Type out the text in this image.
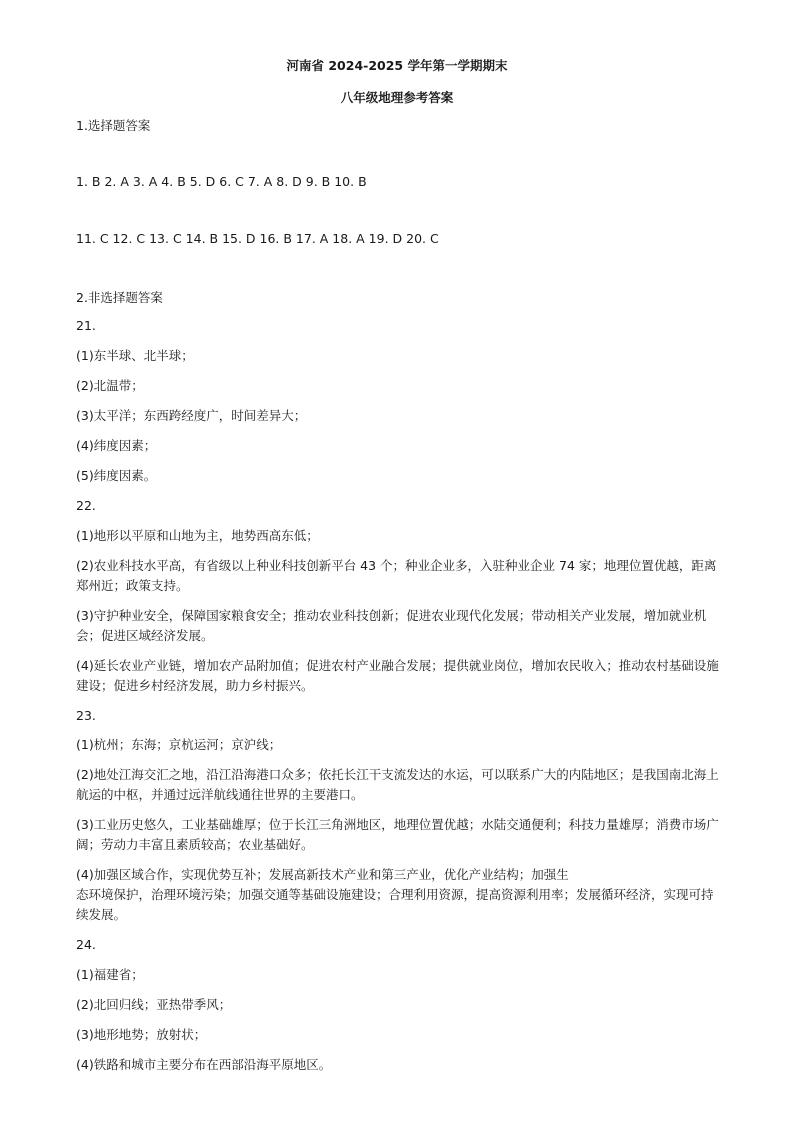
河南省 2024-2025 学年第一学期期末

八年级地理参考答案

1.选择题答案

1. B 2. A 3. A 4. B 5. D 6. C 7. A 8. D 9. B 10. B

11. C 12. C 13. C 14. B 15. D 16. B 17. A 18. A 19. D 20. C

2.非选择题答案

21.

(1)东半球、北半球；

(2)北温带；

(3)太平洋；东西跨经度广，时间差异大；

(4)纬度因素；

(5)纬度因素。

22.

(1)地形以平原和山地为主，地势西高东低；

(2)农业科技水平高，有省级以上种业科技创新平台 43 个；种业企业多，入驻种业企业 74 家；地理位置优越，距离郑州近；政策支持。

(3)守护种业安全，保障国家粮食安全；推动农业科技创新；促进农业现代化发展；带动相关产业发展，增加就业机会；促进区域经济发展。

(4)延长农业产业链，增加农产品附加值；促进农村产业融合发展；提供就业岗位，增加农民收入；推动农村基础设施建设；促进乡村经济发展，助力乡村振兴。

23.

(1)杭州；东海；京杭运河；京沪线；

(2)地处江海交汇之地，沿江沿海港口众多；依托长江干支流发达的水运，可以联系广大的内陆地区；是我国南北海上航运的中枢，并通过远洋航线通往世界的主要港口。

(3)工业历史悠久，工业基础雄厚；位于长江三角洲地区，地理位置优越；水陆交通便利；科技力量雄厚；消费市场广阔；劳动力丰富且素质较高；农业基础好。

(4)加强区域合作，实现优势互补；发展高新技术产业和第三产业，优化产业结构；加强生

态环境保护，治理环境污染；加强交通等基础设施建设；合理利用资源，提高资源利用率；发展循环经济，实现可持续发展。

24.

(1)福建省；

(2)北回归线；亚热带季风；

(3)地形地势；放射状；

(4)铁路和城市主要分布在西部沿海平原地区。
